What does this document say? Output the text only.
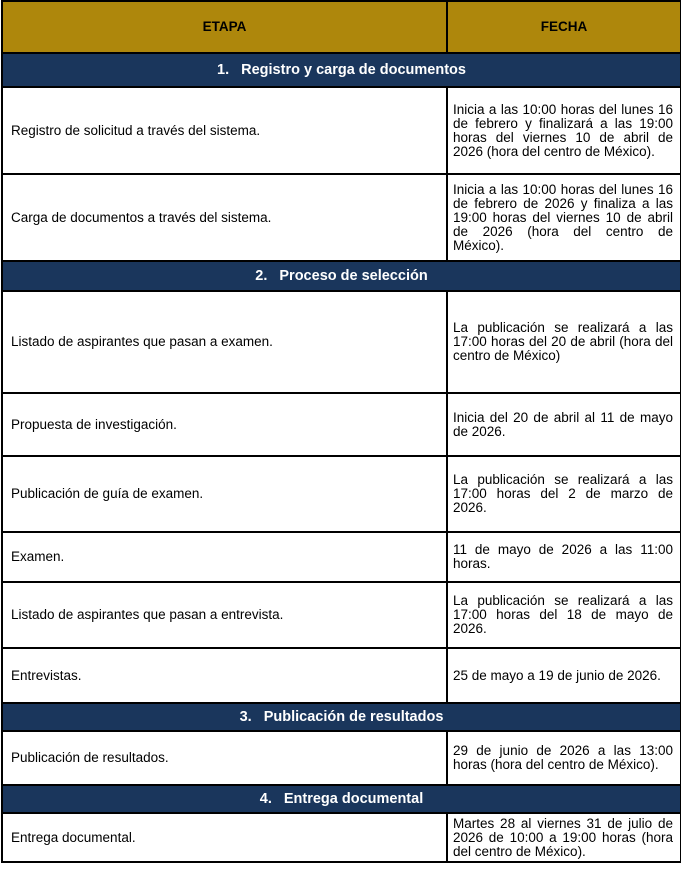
ETAPA	FECHA
1. Registro y carga de documentos	
Registro de solicitud a través del sistema.	Inicia a las 10:00 horas del lunes 16 de febrero y finalizará a las 19:00 horas del viernes 10 de abril de 2026 (hora del centro de México).
Carga de documentos a través del sistema.	Inicia a las 10:00 horas del lunes 16 de febrero de 2026 y finaliza a las 19:00 horas del viernes 10 de abril de 2026 (hora del centro de México).
2. Proceso de selección	
Listado de aspirantes que pasan a examen.	La publicación se realizará a las 17:00 horas del 20 de abril (hora del centro de México)
Propuesta de investigación.	Inicia del 20 de abril al 11 de mayo de 2026.
Publicación de guía de examen.	La publicación se realizará a las 17:00 horas del 2 de marzo de 2026.
Examen.	11 de mayo de 2026 a las 11:00 horas.
Listado de aspirantes que pasan a entrevista.	La publicación se realizará a las 17:00 horas del 18 de mayo de 2026.
Entrevistas.	25 de mayo a 19 de junio de 2026.
3. Publicación de resultados	
Publicación de resultados.	29 de junio de 2026 a las 13:00 horas (hora del centro de México).
4. Entrega documental	
Entrega documental.	Martes 28 al viernes 31 de julio de 2026 de 10:00 a 19:00 horas (hora del centro de México).
